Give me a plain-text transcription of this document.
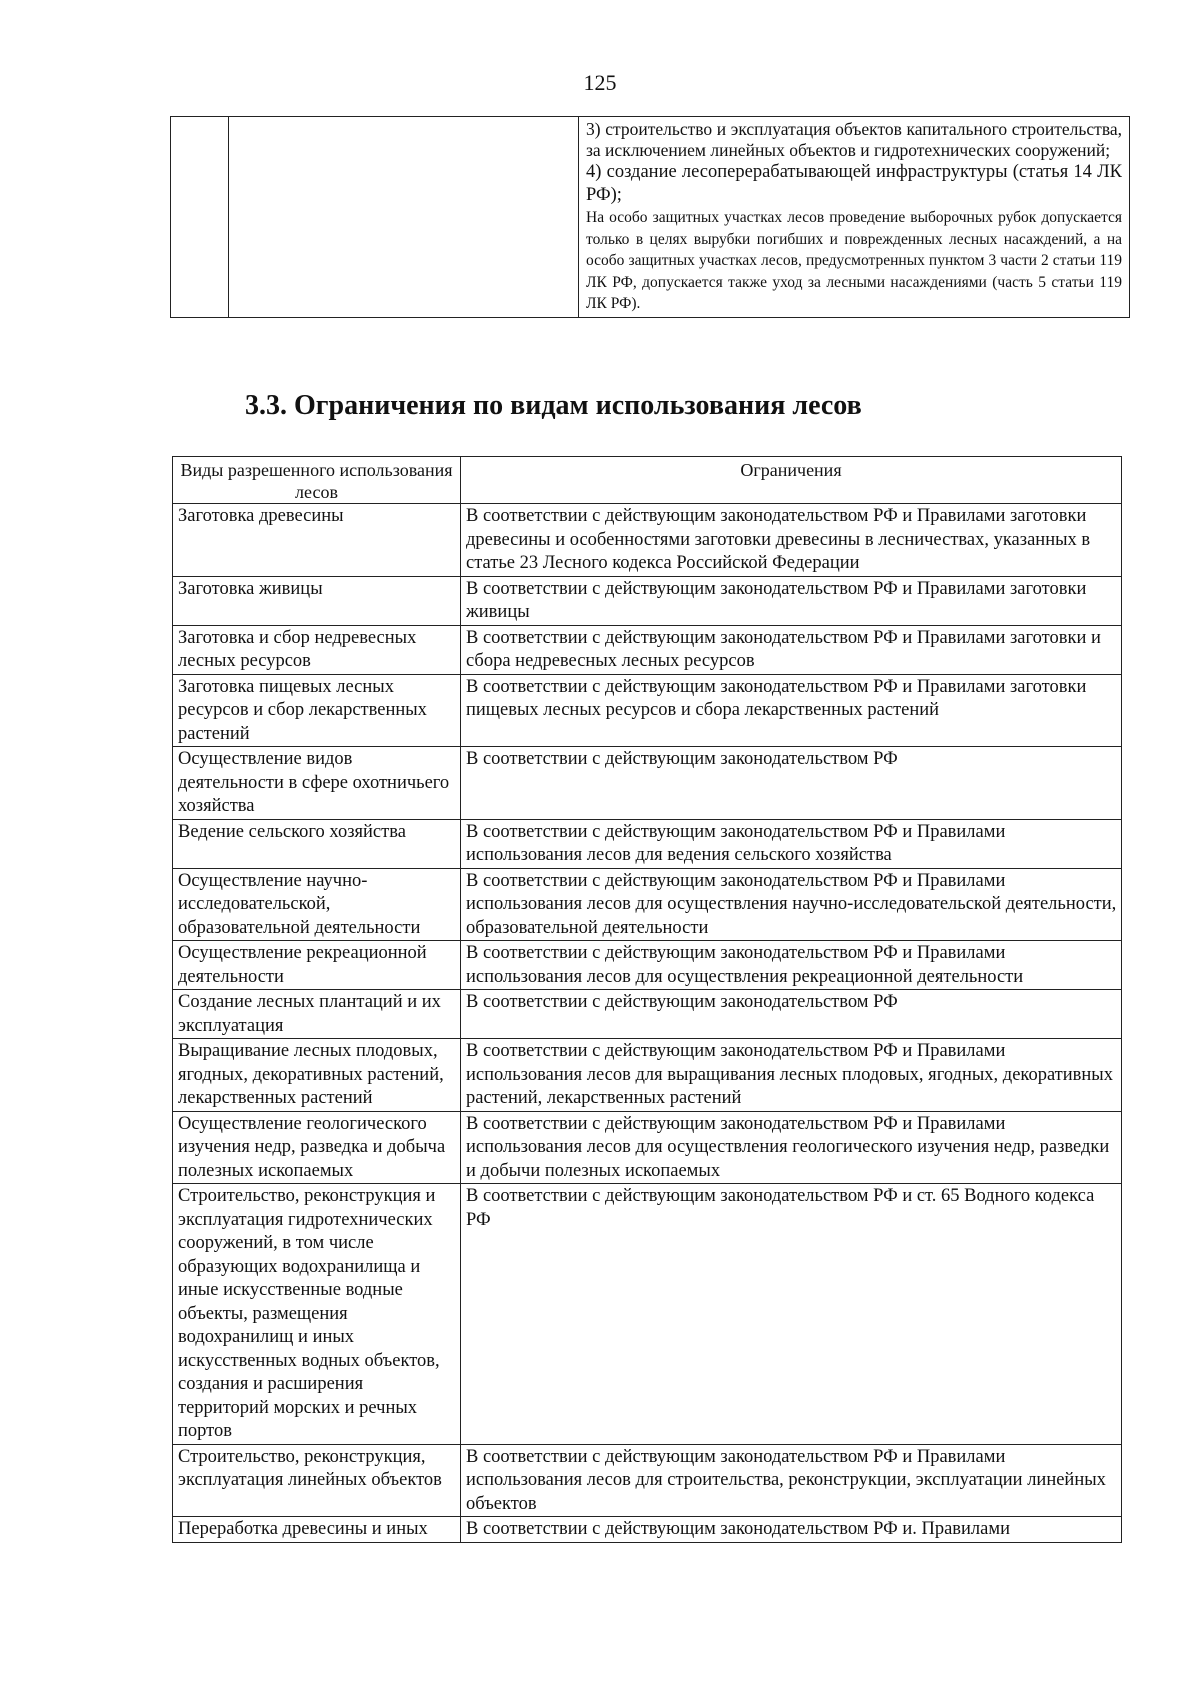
125

3) строительство и эксплуатация объектов капитального строительства, за исключением линейных объектов и гидротехнических сооружений;
4) создание лесоперерабатывающей инфраструктуры (статья 14 ЛК РФ);
На особо защитных участках лесов проведение выборочных рубок допускается только в целях вырубки погибших и поврежденных лесных насаждений, а на особо защитных участках лесов, предусмотренных пунктом 3 части 2 статьи 119 ЛК РФ, допускается также уход за лесными насаждениями (часть 5 статьи 119 ЛК РФ).
3.3. Ограничения по видам использования лесов
Виды разрешенного использования лесов	Ограничения
Заготовка древесины	В соответствии с действующим законодательством РФ и Правилами заготовки древесины и особенностями заготовки древесины в лесничествах, указанных в статье 23 Лесного кодекса Российской Федерации
Заготовка живицы	В соответствии с действующим законодательством РФ и Правилами заготовки живицы
Заготовка и сбор недревесных лесных ресурсов	В соответствии с действующим законодательством РФ и Правилами заготовки и сбора недревесных лесных ресурсов
Заготовка пищевых лесных ресурсов и сбор лекарственных растений	В соответствии с действующим законодательством РФ и Правилами заготовки пищевых лесных ресурсов и сбора лекарственных растений
Осуществление видов деятельности в сфере охотничьего хозяйства	В соответствии с действующим законодательством РФ
Ведение сельского хозяйства	В соответствии с действующим законодательством РФ и Правилами использования лесов для ведения сельского хозяйства
Осуществление научно-исследовательской, образовательной деятельности	В соответствии с действующим законодательством РФ и Правилами использования лесов для осуществления научно-исследовательской деятельности, образовательной деятельности
Осуществление рекреационной деятельности	В соответствии с действующим законодательством РФ и Правилами использования лесов для осуществления рекреационной деятельности
Создание лесных плантаций и их эксплуатация	В соответствии с действующим законодательством РФ
Выращивание лесных плодовых, ягодных, декоративных растений, лекарственных растений	В соответствии с действующим законодательством РФ и Правилами использования лесов для выращивания лесных плодовых, ягодных, декоративных растений, лекарственных растений
Осуществление геологического изучения недр, разведка и добыча полезных ископаемых	В соответствии с действующим законодательством РФ и Правилами использования лесов для осуществления геологического изучения недр, разведки и добычи полезных ископаемых
Строительство, реконструкция и эксплуатация гидротехнических сооружений, в том числе образующих водохранилища и иные искусственные водные объекты, размещения водохранилищ и иных искусственных водных объектов, создания и расширения территорий морских и речных портов	В соответствии с действующим законодательством РФ и ст. 65 Водного кодекса РФ
Строительство, реконструкция, эксплуатация линейных объектов	В соответствии с действующим законодательством РФ и Правилами использования лесов для строительства, реконструкции, эксплуатации линейных объектов
Переработка древесины и иных	В соответствии с действующим законодательством РФ и. Правилами
